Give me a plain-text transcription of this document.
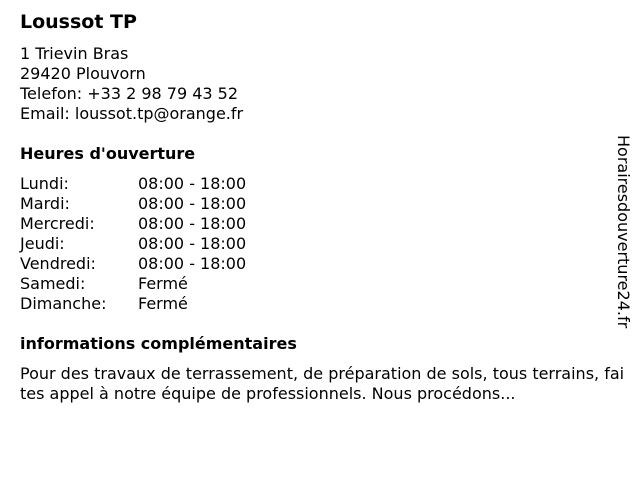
Loussot TP
1 Trievin Bras
29420 Plouvorn
Telefon: +33 2 98 79 43 52
Email: loussot.tp@orange.fr
Heures d'ouverture
Lundi:	08:00 - 18:00
Mardi:	08:00 - 18:00
Mercredi:	08:00 - 18:00
Jeudi:	08:00 - 18:00
Vendredi:	08:00 - 18:00
Samedi:	Fermé
Dimanche: Fermé
informations complémentaires
Pour des travaux de terrassement, de préparation de sols, tous terrains, faites appel à notre équipe de professionnels. Nous procédons...
Horairesdouverture24.fr
